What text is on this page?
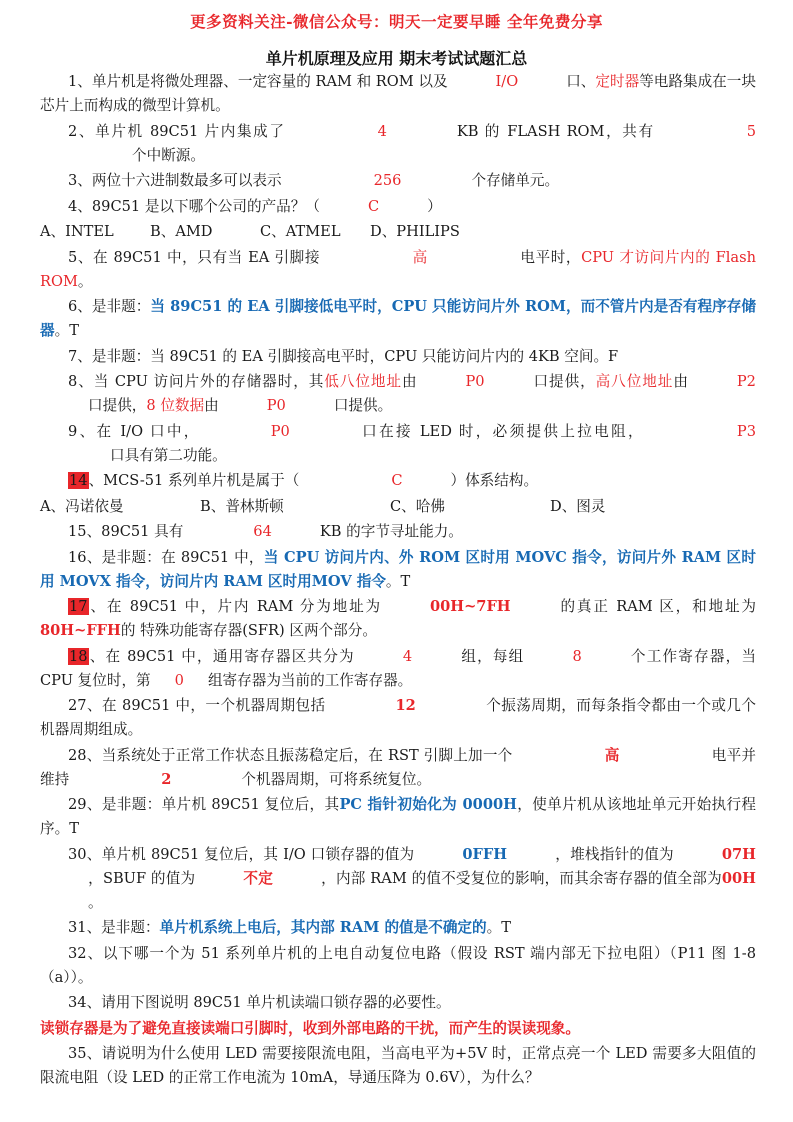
更多资料关注-微信公众号：明天一定要早睡 全年免费分享
单片机原理及应用 期末考试试题汇总
1、单片机是将微处理器、一定容量的 RAM 和 ROM 以及	I/O	口、定时器等电路集成在一块芯片上而构成的微型计算机。
2、单片机 89C51 片内集成了	4	KB 的 FLASH ROM，共有	5个中断源。
3、两位十六进制数最多可以表示	256	个存储单元。
4、89C51 是以下哪个公司的产品？（	C	）
A、INTEL B、AMD	C、ATMEL D、PHILIPS
5、在 89C51 中，只有当 EA 引脚接	高	电平时，CPU 才访问片内的 Flash ROM。
6、是非题：当 89C51 的 EA 引脚接低电平时，CPU 只能访问片外 ROM，而不管片内是否有程序存储器。T
7、是非题：当 89C51 的 EA 引脚接高电平时，CPU 只能访问片内的 4KB 空间。F
8、当 CPU 访问片外的存储器时，其低八位地址由	P0	口提供，高八位地址由	P2口提供，8 位数据由	P0	口提供。
9、在 I/O 口中，	P0	口在接 LED 时，必须提供上拉电阻，	P3口具有第二功能。
14、MCS-51 系列单片机是属于（	C	）体系结构。
A、冯诺依曼	B、普林斯顿	C、哈佛	D、图灵
15、89C51 具有	64	KB 的字节寻址能力。
16、是非题：在 89C51 中，当 CPU 访问片内、外 ROM 区时用 MOVC 指令，访问片外 RAM 区时用 MOVX 指令，访问片内 RAM 区时用MOV 指令。T
17、在 89C51 中，片内 RAM 分为地址为	00H~7FH	的真正 RAM 区，和地址为80H~FFH的 特殊功能寄存器(SFR) 区两个部分。
18、在 89C51 中，通用寄存器区共分为	4	组，每组	8	个工作寄存器，当 CPU 复位时，第 0 组寄存器为当前的工作寄存器。
27、在 89C51 中，一个机器周期包括	12	个振荡周期，而每条指令都由一个或几个机器周期组成。
28、当系统处于正常工作状态且振荡稳定后，在 RST 引脚上加一个	高	电平并维持	2	个机器周期，可将系统复位。
29、是非题：单片机 89C51 复位后，其PC 指针初始化为 0000H，使单片机从该地址单元开始执行程序。T
30、单片机 89C51 复位后，其 I/O 口锁存器的值为	0FFH	，堆栈指针的值为	07H，SBUF 的值为	不定	，内部 RAM 的值不受复位的影响，而其余寄存器的值全部为00H。
31、是非题：单片机系统上电后，其内部 RAM 的值是不确定的。T
32、以下哪一个为 51 系列单片机的上电自动复位电路（假设 RST 端内部无下拉电阻）（P11 图 1-8（a））。
34、请用下图说明 89C51 单片机读端口锁存器的必要性。
读锁存器是为了避免直接读端口引脚时，收到外部电路的干扰，而产生的误读现象。
35、请说明为什么使用 LED 需要接限流电阻，当高电平为+5V 时，正常点亮一个 LED 需要多大阻值的限流电阻（设 LED 的正常工作电流为 10mA，导通压降为 0.6V），为什么？
